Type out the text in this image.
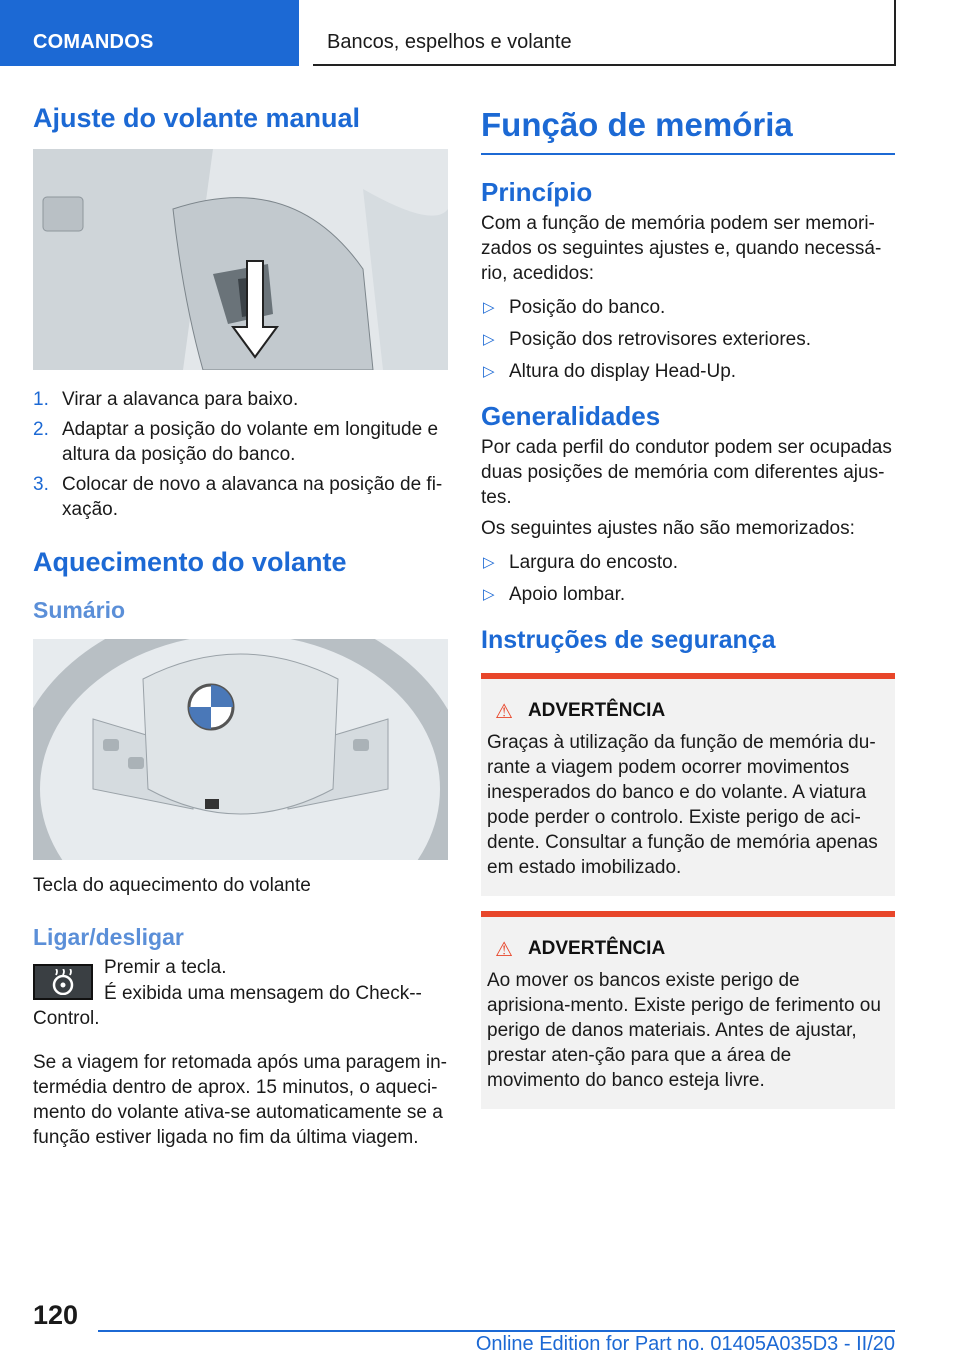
COMANDOS	Bancos, espelhos e volante
Ajuste do volante manual
1. Virar a alavanca para baixo.
2. Adaptar a posição do volante em longitude e altura da posição do banco.
3. Colocar de novo a alavanca na posição de fi‐xação.
Aquecimento do volante
Sumário
Tecla do aquecimento do volante
Ligar/desligar
Premir a tecla.
É exibida uma mensagem do Check-‐Control.
Se a viagem for retomada após uma paragem in‐termédia dentro de aprox. 15 minutos, o aqueci‐mento do volante ativa-se automaticamente se a função estiver ligada no fim da última viagem.
Função de memória
Princípio
Com a função de memória podem ser memori‐zados os seguintes ajustes e, quando necessá‐rio, acedidos:
▷ Posição do banco.
▷ Posição dos retrovisores exteriores.
▷ Altura do display Head-Up.
Generalidades
Por cada perfil do condutor podem ser ocupadas duas posições de memória com diferentes ajus‐tes.
Os seguintes ajustes não são memorizados:
▷ Largura do encosto.
▷ Apoio lombar.
Instruções de segurança
⚠ ADVERTÊNCIA
Graças à utilização da função de memória du‐rante a viagem podem ocorrer movimentos inesperados do banco e do volante. A viatura pode perder o controlo. Existe perigo de aci‐dente. Consultar a função de memória apenas em estado imobilizado.
⚠ ADVERTÊNCIA
Ao mover os bancos existe perigo de aprisiona‐mento. Existe perigo de ferimento ou perigo de danos materiais. Antes de ajustar, prestar aten‐ção para que a área de movimento do banco esteja livre.
120
Online Edition for Part no. 01405A035D3 - II/20
